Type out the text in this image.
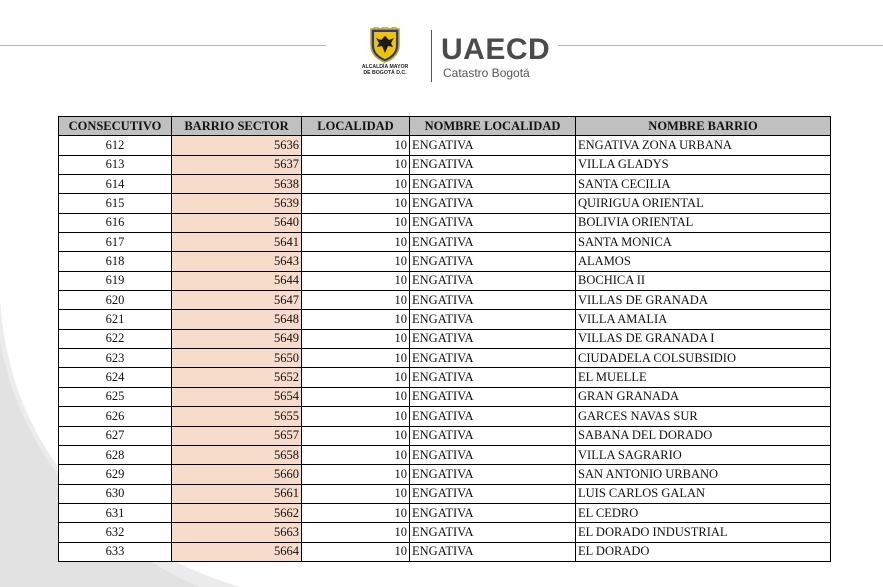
ALCALDÍA MAYOR
DE BOGOTÁ D.C.
UAECD
Catastro Bogotá
CONSECUTIVO	BARRIO SECTOR	LOCALIDAD	NOMBRE LOCALIDAD	NOMBRE BARRIO
612	5636	10	ENGATIVA	ENGATIVA ZONA URBANA
613	5637	10	ENGATIVA	VILLA GLADYS
614	5638	10	ENGATIVA	SANTA CECILIA
615	5639	10	ENGATIVA	QUIRIGUA ORIENTAL
616	5640	10	ENGATIVA	BOLIVIA ORIENTAL
617	5641	10	ENGATIVA	SANTA MONICA
618	5643	10	ENGATIVA	ALAMOS
619	5644	10	ENGATIVA	BOCHICA II
620	5647	10	ENGATIVA	VILLAS DE GRANADA
621	5648	10	ENGATIVA	VILLA AMALIA
622	5649	10	ENGATIVA	VILLAS DE GRANADA I
623	5650	10	ENGATIVA	CIUDADELA COLSUBSIDIO
624	5652	10	ENGATIVA	EL MUELLE
625	5654	10	ENGATIVA	GRAN GRANADA
626	5655	10	ENGATIVA	GARCES NAVAS SUR
627	5657	10	ENGATIVA	SABANA DEL DORADO
628	5658	10	ENGATIVA	VILLA SAGRARIO
629	5660	10	ENGATIVA	SAN ANTONIO URBANO
630	5661	10	ENGATIVA	LUIS CARLOS GALAN
631	5662	10	ENGATIVA	EL CEDRO
632	5663	10	ENGATIVA	EL DORADO INDUSTRIAL
633	5664	10	ENGATIVA	EL DORADO
